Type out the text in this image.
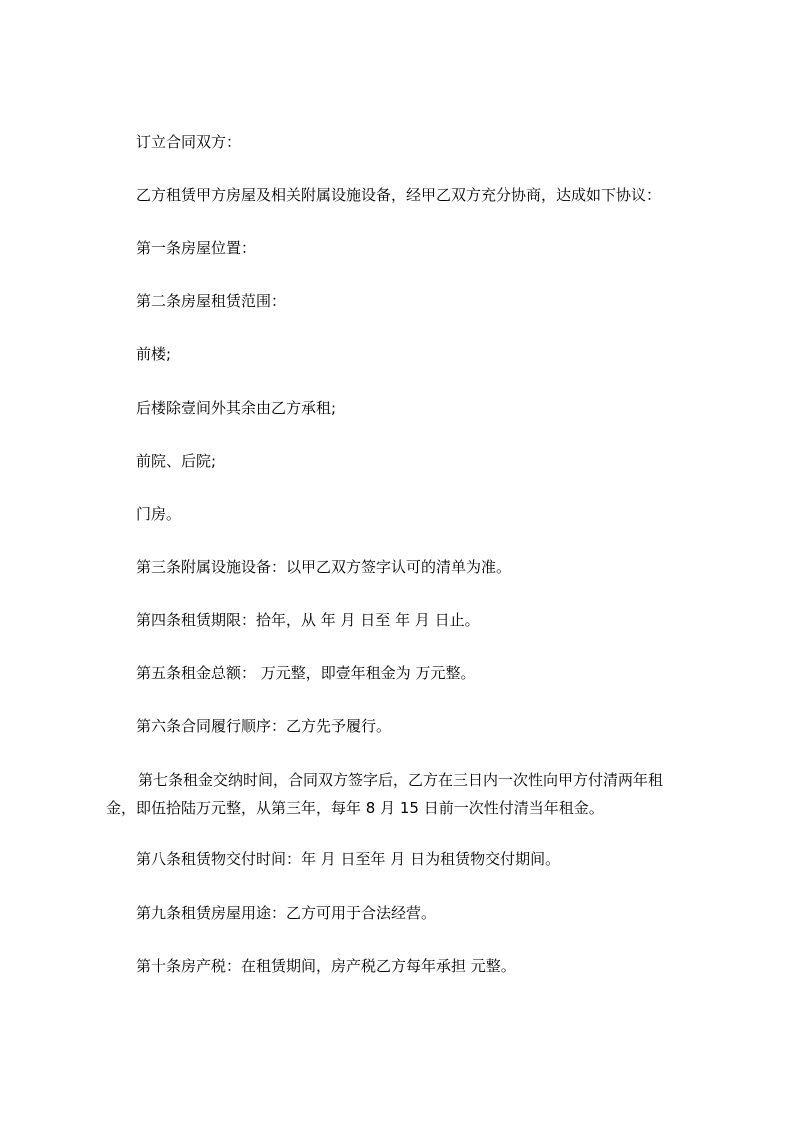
订立合同双方：

乙方租赁甲方房屋及相关附属设施设备，经甲乙双方充分协商，达成如下协议：

第一条房屋位置：

第二条房屋租赁范围：

前楼;

后楼除壹间外其余由乙方承租;

前院、后院;

门房。

第三条附属设施设备：以甲乙双方签字认可的清单为准。

第四条租赁期限：拾年，从 年 月 日至 年 月 日止。

第五条租金总额： 万元整，即壹年租金为 万元整。

第六条合同履行顺序：乙方先予履行。

第七条租金交纳时间，合同双方签字后，乙方在三日内一次性向甲方付清两年租
金，即伍拾陆万元整，从第三年，每年 8 月 15 日前一次性付清当年租金。

第八条租赁物交付时间：年 月 日至年 月 日为租赁物交付期间。

第九条租赁房屋用途：乙方可用于合法经营。

第十条房产税：在租赁期间，房产税乙方每年承担 元整。
